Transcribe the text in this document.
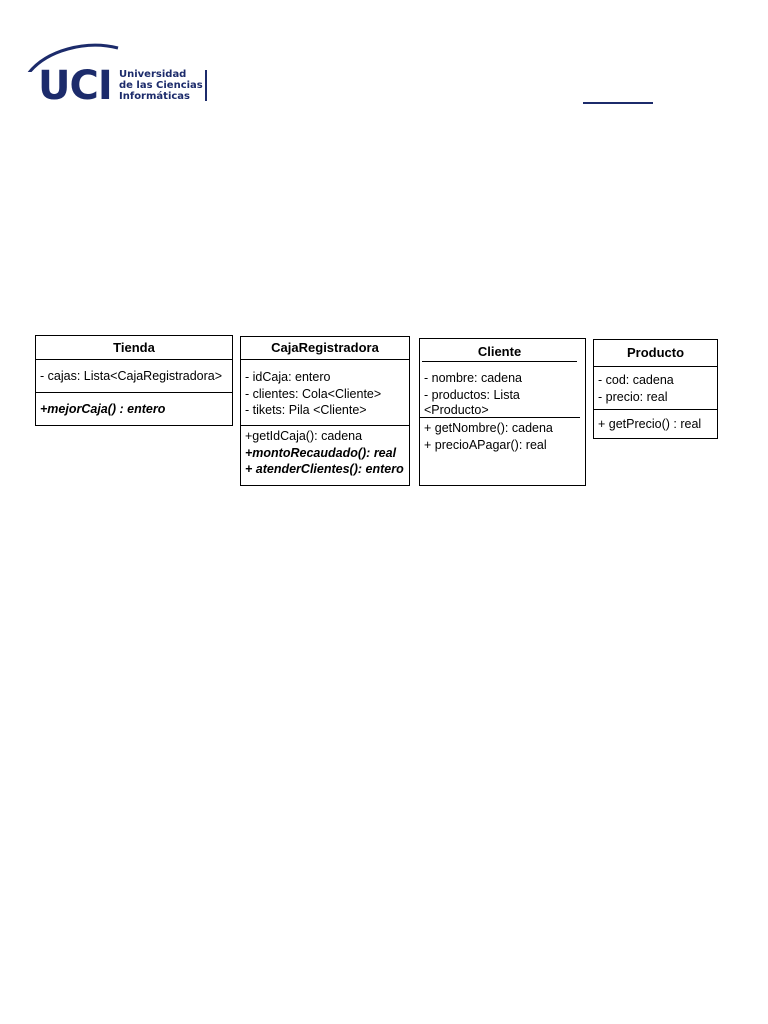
UCI Universidad
de las Ciencias
Informáticas
Tienda
- cajas: Lista<CajaRegistradora>
+mejorCaja() : entero
CajaRegistradora
- idCaja: entero
- clientes: Cola<Cliente>
- tikets: Pila <Cliente>
+getIdCaja(): cadena
+montoRecaudado(): real
+ atenderClientes(): entero
Cliente
- nombre: cadena
- productos: Lista
<Producto>
+ getNombre(): cadena
+ precioAPagar(): real
Producto
- cod: cadena
- precio: real
+ getPrecio() : real
